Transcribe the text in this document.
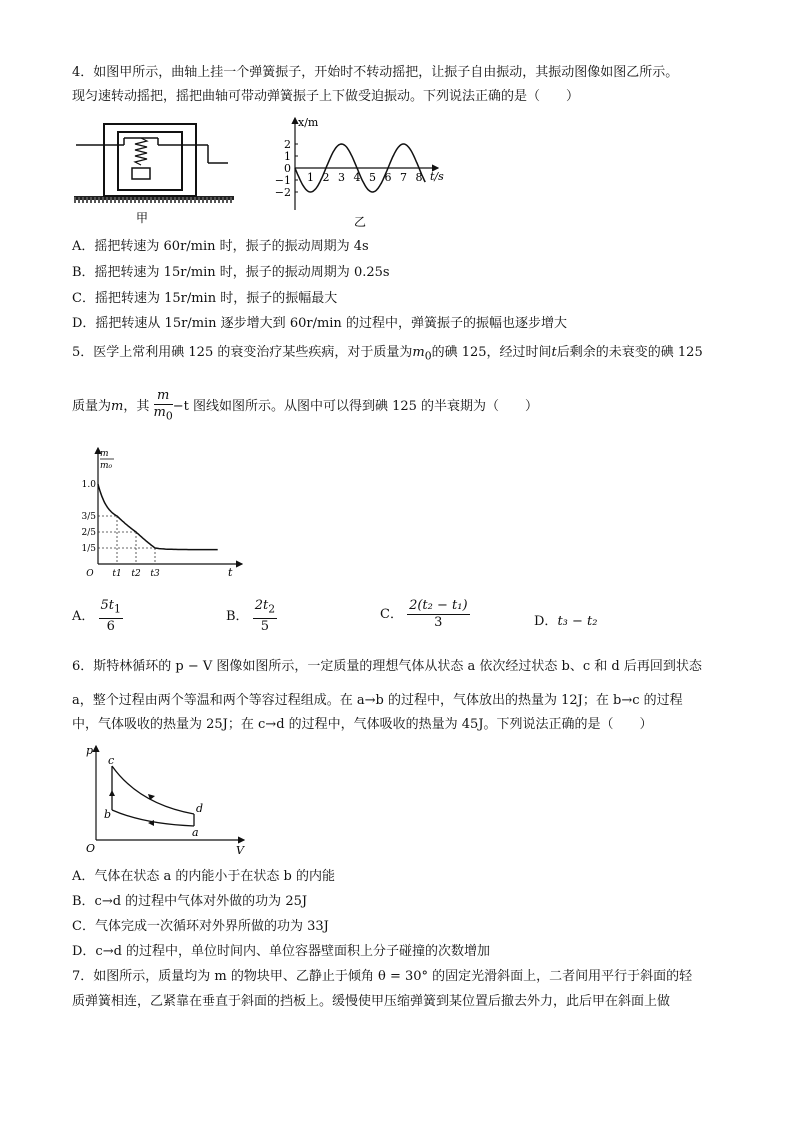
4．如图甲所示，曲轴上挂一个弹簧振子，开始时不转动摇把，让振子自由振动，其振动图像如图乙所示。
现匀速转动摇把，摇把曲轴可带动弹簧振子上下做受迫振动。下列说法正确的是（　　）
甲
x/m
t/s
2
1
0
−1
−2
1 2 3 4 5 6 7 8
乙
A．摇把转速为 60r/min 时，振子的振动周期为 4s
B．摇把转速为 15r/min 时，振子的振动周期为 0.25s
C．摇把转速为 15r/min 时，振子的振幅最大
D．摇把转速从 15r/min 逐步增大到 60r/min 的过程中，弹簧振子的振幅也逐步增大
5．医学上常利用碘 125 的衰变治疗某些疾病，对于质量为$m_0$的碘 125，经过时间t后剩余的未衰变的碘 125
质量为m，其 $\frac{m}{m_0} -t$ 图线如图所示。从图中可以得到碘 125 的半衰期为（　　）
m
m₀
t
1.0
3/5
2/5
1/5
O t1 t2 t3
A． $\frac{5t_1}{6}$	B． $\frac{2t_2}{5}$	C． $\frac{\text{2(t₂ − t₁)}}{3}$	D．t₃ − t₂
6．斯特林循环的 p − V 图像如图所示，一定质量的理想气体从状态 a 依次经过状态 b、c 和 d 后再回到状态
a，整个过程由两个等温和两个等容过程组成。在 a→b 的过程中，气体放出的热量为 12J；在 b→c 的过程
中，气体吸收的热量为 25J；在 c→d 的过程中，气体吸收的热量为 45J。下列说法正确的是（　　）
p
V
O
c
b	d
a
A．气体在状态 a 的内能小于在状态 b 的内能
B．c→d 的过程中气体对外做的功为 25J
C．气体完成一次循环对外界所做的功为 33J
D．c→d 的过程中，单位时间内、单位容器壁面积上分子碰撞的次数增加
7．如图所示，质量均为 m 的物块甲、乙静止于倾角 θ = 30° 的固定光滑斜面上，二者间用平行于斜面的轻
质弹簧相连，乙紧靠在垂直于斜面的挡板上。缓慢使甲压缩弹簧到某位置后撤去外力，此后甲在斜面上做
